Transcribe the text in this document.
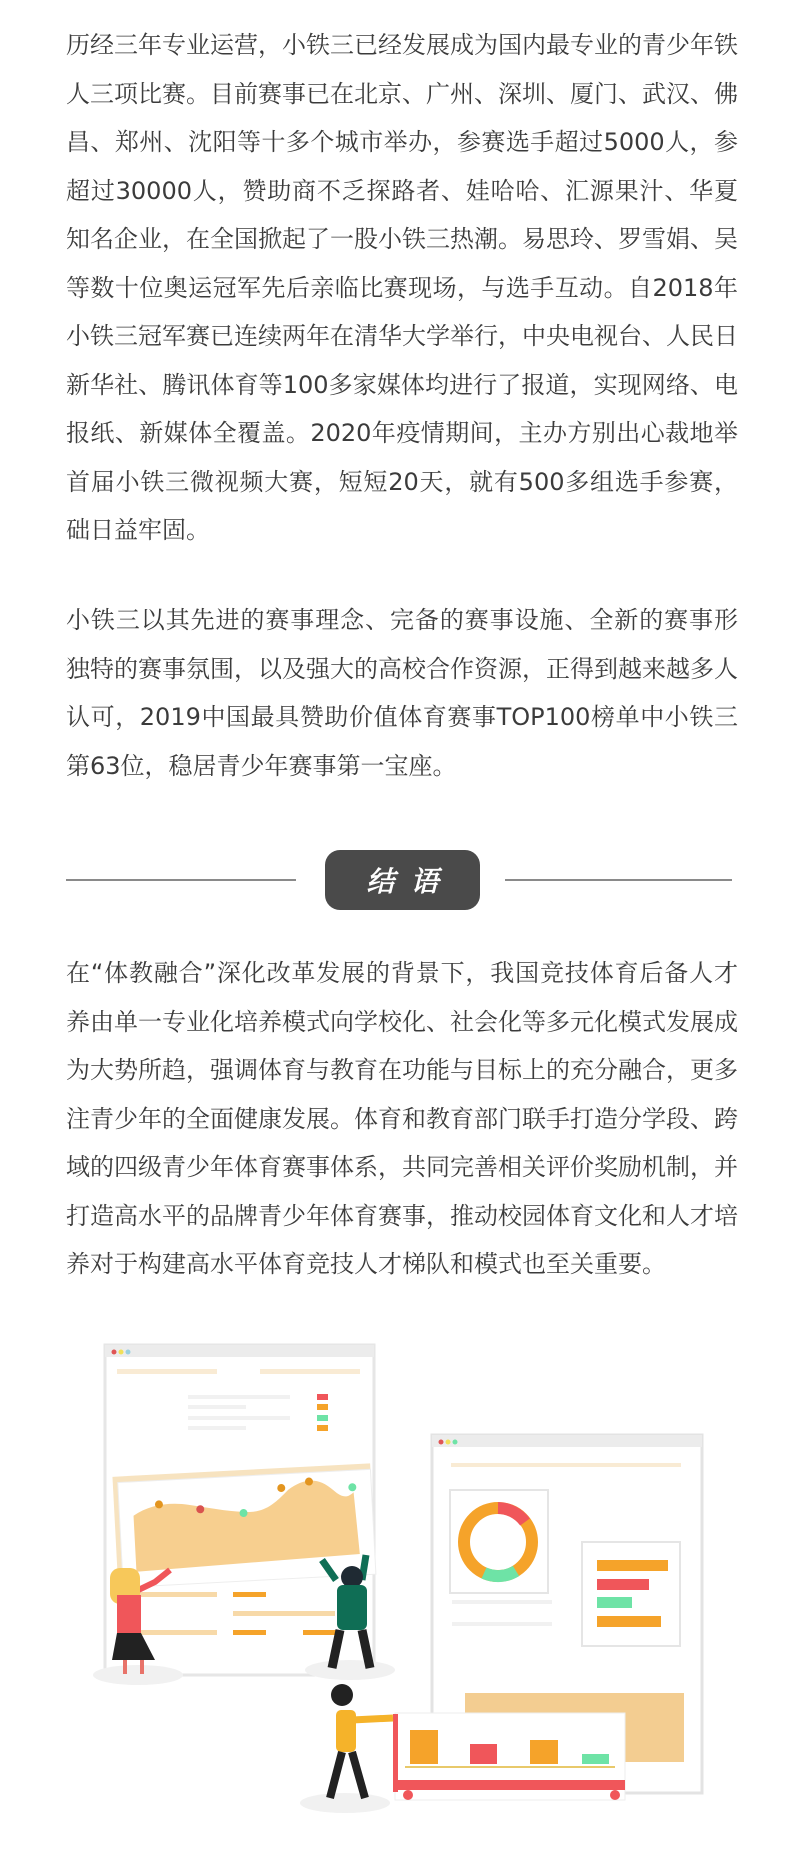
历经三年专业运营，小铁三已经发展成为国内最专业的青少年铁
人三项比赛。目前赛事已在北京、广州、深圳、厦门、武汉、佛
昌、郑州、沈阳等十多个城市举办，参赛选手超过5000人，参
超过30000人，赞助商不乏探路者、娃哈哈、汇源果汁、华夏
知名企业，在全国掀起了一股小铁三热潮。易思玲、罗雪娟、吴
等数十位奥运冠军先后亲临比赛现场，与选手互动。自2018年
小铁三冠军赛已连续两年在清华大学举行，中央电视台、人民日
新华社、腾讯体育等100多家媒体均进行了报道，实现网络、电
报纸、新媒体全覆盖。2020年疫情期间，主办方别出心裁地举
首届小铁三微视频大赛，短短20天，就有500多组选手参赛，
础日益牢固。
小铁三以其先进的赛事理念、完备的赛事设施、全新的赛事形
独特的赛事氛围，以及强大的高校合作资源，正得到越来越多人
认可，2019中国最具赞助价值体育赛事TOP100榜单中小铁三
第63位，稳居青少年赛事第一宝座。
结语
在“体教融合”深化改革发展的背景下，我国竞技体育后备人才
养由单一专业化培养模式向学校化、社会化等多元化模式发展成
为大势所趋，强调体育与教育在功能与目标上的充分融合，更多
注青少年的全面健康发展。体育和教育部门联手打造分学段、跨
域的四级青少年体育赛事体系，共同完善相关评价奖励机制，并
打造高水平的品牌青少年体育赛事，推动校园体育文化和人才培
养对于构建高水平体育竞技人才梯队和模式也至关重要。
